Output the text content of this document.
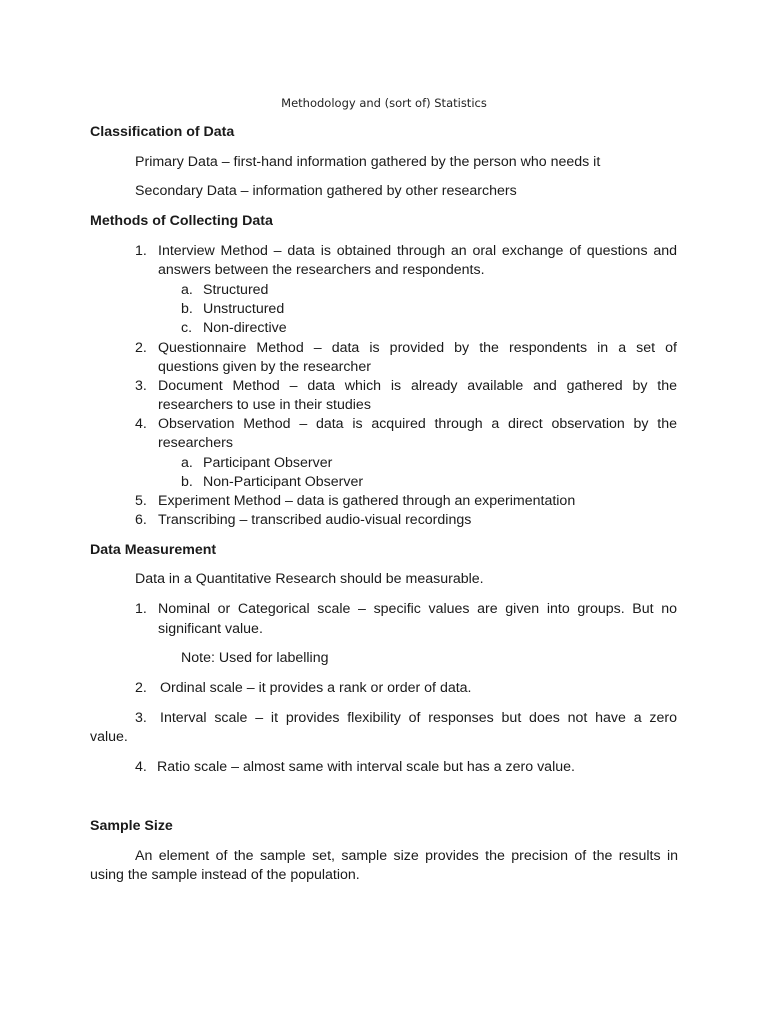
Methodology and (sort of) Statistics
Classification of Data
Primary Data – first-hand information gathered by the person who needs it
Secondary Data – information gathered by other researchers
Methods of Collecting Data
1. Interview Method – data is obtained through an oral exchange of questions and
answers between the researchers and respondents.
a. Structured
b. Unstructured
c. Non-directive
2. Questionnaire Method – data is provided by the respondents in a set of
questions given by the researcher
3. Document Method – data which is already available and gathered by the
researchers to use in their studies
4. Observation Method – data is acquired through a direct observation by the
researchers
a. Participant Observer
b. Non-Participant Observer
5. Experiment Method – data is gathered through an experimentation
6. Transcribing – transcribed audio-visual recordings
Data Measurement
Data in a Quantitative Research should be measurable.
1. Nominal or Categorical scale – specific values are given into groups. But no
significant value.
Note: Used for labelling
2. Ordinal scale – it provides a rank or order of data.
3. Interval scale – it provides flexibility of responses but does not have a zero
value.
4. Ratio scale – almost same with interval scale but has a zero value.
Sample Size
An element of the sample set, sample size provides the precision of the results in
using the sample instead of the population.
